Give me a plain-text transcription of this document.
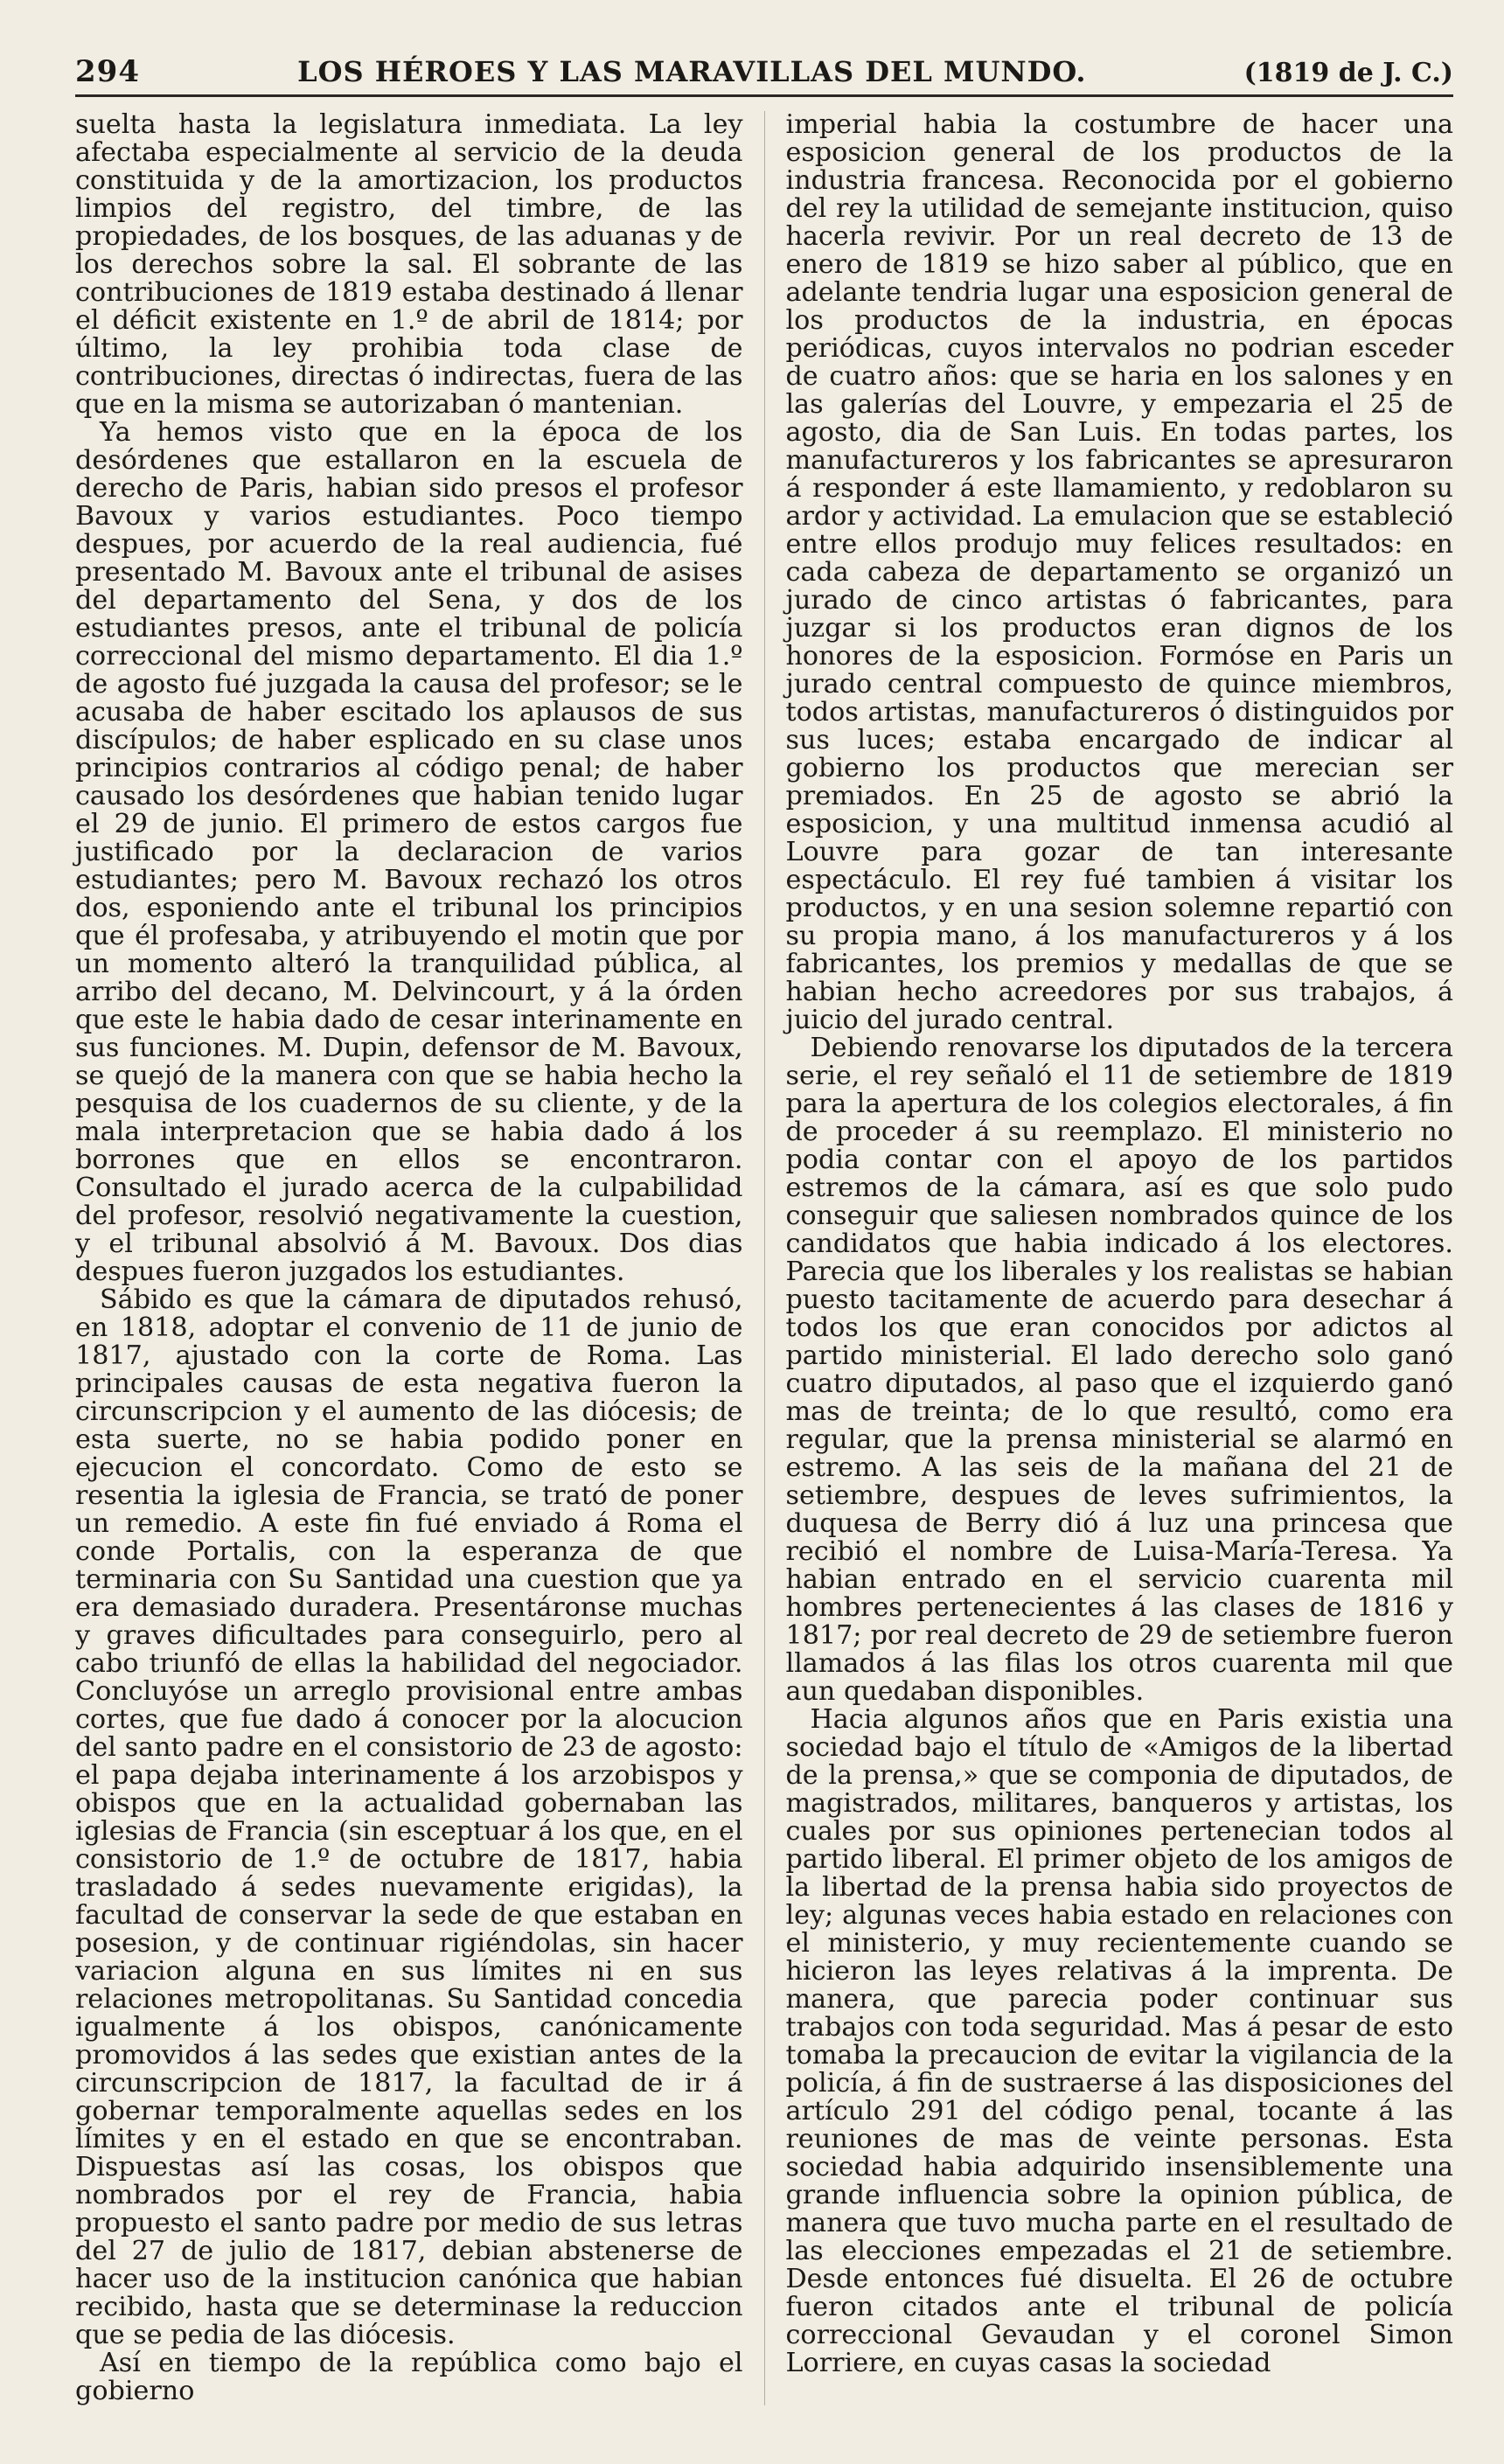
294	LOS HÉROES Y LAS MARAVILLAS DEL MUNDO.	(1819 de J. C.)

suelta hasta la legislatura inmediata. La ley afectaba especialmente al servicio de la deuda constituida y de la amortizacion, los productos limpios del registro, del timbre, de las propiedades, de los bosques, de las aduanas y de los derechos sobre la sal. El sobrante de las contribuciones de 1819 estaba destinado á llenar el déficit existente en 1.º de abril de 1814; por último, la ley prohibia toda clase de contribuciones, directas ó indirectas, fuera de las que en la misma se autorizaban ó mantenian.

Ya hemos visto que en la época de los desórdenes que estallaron en la escuela de derecho de Paris, habian sido presos el profesor Bavoux y varios estudiantes. Poco tiempo despues, por acuerdo de la real audiencia, fué presentado M. Bavoux ante el tribunal de asises del departamento del Sena, y dos de los estudiantes presos, ante el tribunal de policía correccional del mismo departamento. El dia 1.º de agosto fué juzgada la causa del profesor; se le acusaba de haber escitado los aplausos de sus discípulos; de haber esplicado en su clase unos principios contrarios al código penal; de haber causado los desórdenes que habian tenido lugar el 29 de junio. El primero de estos cargos fue justificado por la declaracion de varios estudiantes; pero M. Bavoux rechazó los otros dos, esponiendo ante el tribunal los principios que él profesaba, y atribuyendo el motin que por un momento alteró la tranquilidad pública, al arribo del decano, M. Delvincourt, y á la órden que este le habia dado de cesar interinamente en sus funciones. M. Dupin, defensor de M. Bavoux, se quejó de la manera con que se habia hecho la pesquisa de los cuadernos de su cliente, y de la mala interpretacion que se habia dado á los borrones que en ellos se encontraron. Consultado el jurado acerca de la culpabilidad del profesor, resolvió negativamente la cuestion, y el tribunal absolvió á M. Bavoux. Dos dias despues fueron juzgados los estudiantes.

Sábido es que la cámara de diputados rehusó, en 1818, adoptar el convenio de 11 de junio de 1817, ajustado con la corte de Roma. Las principales causas de esta negativa fueron la circunscripcion y el aumento de las diócesis; de esta suerte, no se habia podido poner en ejecucion el concordato. Como de esto se resentia la iglesia de Francia, se trató de poner un remedio. A este fin fué enviado á Roma el conde Portalis, con la esperanza de que terminaria con Su Santidad una cuestion que ya era demasiado duradera. Presentáronse muchas y graves dificultades para conseguirlo, pero al cabo triunfó de ellas la habilidad del negociador. Concluyóse un arreglo provisional entre ambas cortes, que fue dado á conocer por la alocucion del santo padre en el consistorio de 23 de agosto: el papa dejaba interinamente á los arzobispos y obispos que en la actualidad gobernaban las iglesias de Francia (sin esceptuar á los que, en el consistorio de 1.º de octubre de 1817, habia trasladado á sedes nuevamente erigidas), la facultad de conservar la sede de que estaban en posesion, y de continuar rigiéndolas, sin hacer variacion alguna en sus límites ni en sus relaciones metropolitanas. Su Santidad concedia igualmente á los obispos, canónicamente promovidos á las sedes que existian antes de la circunscripcion de 1817, la facultad de ir á gobernar temporalmente aquellas sedes en los límites y en el estado en que se encontraban. Dispuestas así las cosas, los obispos que nombrados por el rey de Francia, habia propuesto el santo padre por medio de sus letras del 27 de julio de 1817, debian abstenerse de hacer uso de la institucion canónica que habian recibido, hasta que se determinase la reduccion que se pedia de las diócesis.

Así en tiempo de la república como bajo el gobierno

imperial habia la costumbre de hacer una esposicion general de los productos de la industria francesa. Reconocida por el gobierno del rey la utilidad de semejante institucion, quiso hacerla revivir. Por un real decreto de 13 de enero de 1819 se hizo saber al público, que en adelante tendria lugar una esposicion general de los productos de la industria, en épocas periódicas, cuyos intervalos no podrian esceder de cuatro años: que se haria en los salones y en las galerías del Louvre, y empezaria el 25 de agosto, dia de San Luis. En todas partes, los manufactureros y los fabricantes se apresuraron á responder á este llamamiento, y redoblaron su ardor y actividad. La emulacion que se estableció entre ellos produjo muy felices resultados: en cada cabeza de departamento se organizó un jurado de cinco artistas ó fabricantes, para juzgar si los productos eran dignos de los honores de la esposicion. Formóse en Paris un jurado central compuesto de quince miembros, todos artistas, manufactureros ó distinguidos por sus luces; estaba encargado de indicar al gobierno los productos que merecian ser premiados. En 25 de agosto se abrió la esposicion, y una multitud inmensa acudió al Louvre para gozar de tan interesante espectáculo. El rey fué tambien á visitar los productos, y en una sesion solemne repartió con su propia mano, á los manufactureros y á los fabricantes, los premios y medallas de que se habian hecho acreedores por sus trabajos, á juicio del jurado central.

Debiendo renovarse los diputados de la tercera serie, el rey señaló el 11 de setiembre de 1819 para la apertura de los colegios electorales, á fin de proceder á su reemplazo. El ministerio no podia contar con el apoyo de los partidos estremos de la cámara, así es que solo pudo conseguir que saliesen nombrados quince de los candidatos que habia indicado á los electores. Parecia que los liberales y los realistas se habian puesto tacitamente de acuerdo para desechar á todos los que eran conocidos por adictos al partido ministerial. El lado derecho solo ganó cuatro diputados, al paso que el izquierdo ganó mas de treinta; de lo que resultó, como era regular, que la prensa ministerial se alarmó en estremo. A las seis de la mañana del 21 de setiembre, despues de leves sufrimientos, la duquesa de Berry dió á luz una princesa que recibió el nombre de Luisa-María-Teresa. Ya habian entrado en el servicio cuarenta mil hombres pertenecientes á las clases de 1816 y 1817; por real decreto de 29 de setiembre fueron llamados á las filas los otros cuarenta mil que aun quedaban disponibles.

Hacia algunos años que en Paris existia una sociedad bajo el título de «Amigos de la libertad de la prensa,» que se componia de diputados, de magistrados, militares, banqueros y artistas, los cuales por sus opiniones pertenecian todos al partido liberal. El primer objeto de los amigos de la libertad de la prensa habia sido proyectos de ley; algunas veces habia estado en relaciones con el ministerio, y muy recientemente cuando se hicieron las leyes relativas á la imprenta. De manera, que parecia poder continuar sus trabajos con toda seguridad. Mas á pesar de esto tomaba la precaucion de evitar la vigilancia de la policía, á fin de sustraerse á las disposiciones del artículo 291 del código penal, tocante á las reuniones de mas de veinte personas. Esta sociedad habia adquirido insensiblemente una grande influencia sobre la opinion pública, de manera que tuvo mucha parte en el resultado de las elecciones empezadas el 21 de setiembre. Desde entonces fué disuelta. El 26 de octubre fueron citados ante el tribunal de policía correccional Gevaudan y el coronel Simon Lorriere, en cuyas casas la sociedad
